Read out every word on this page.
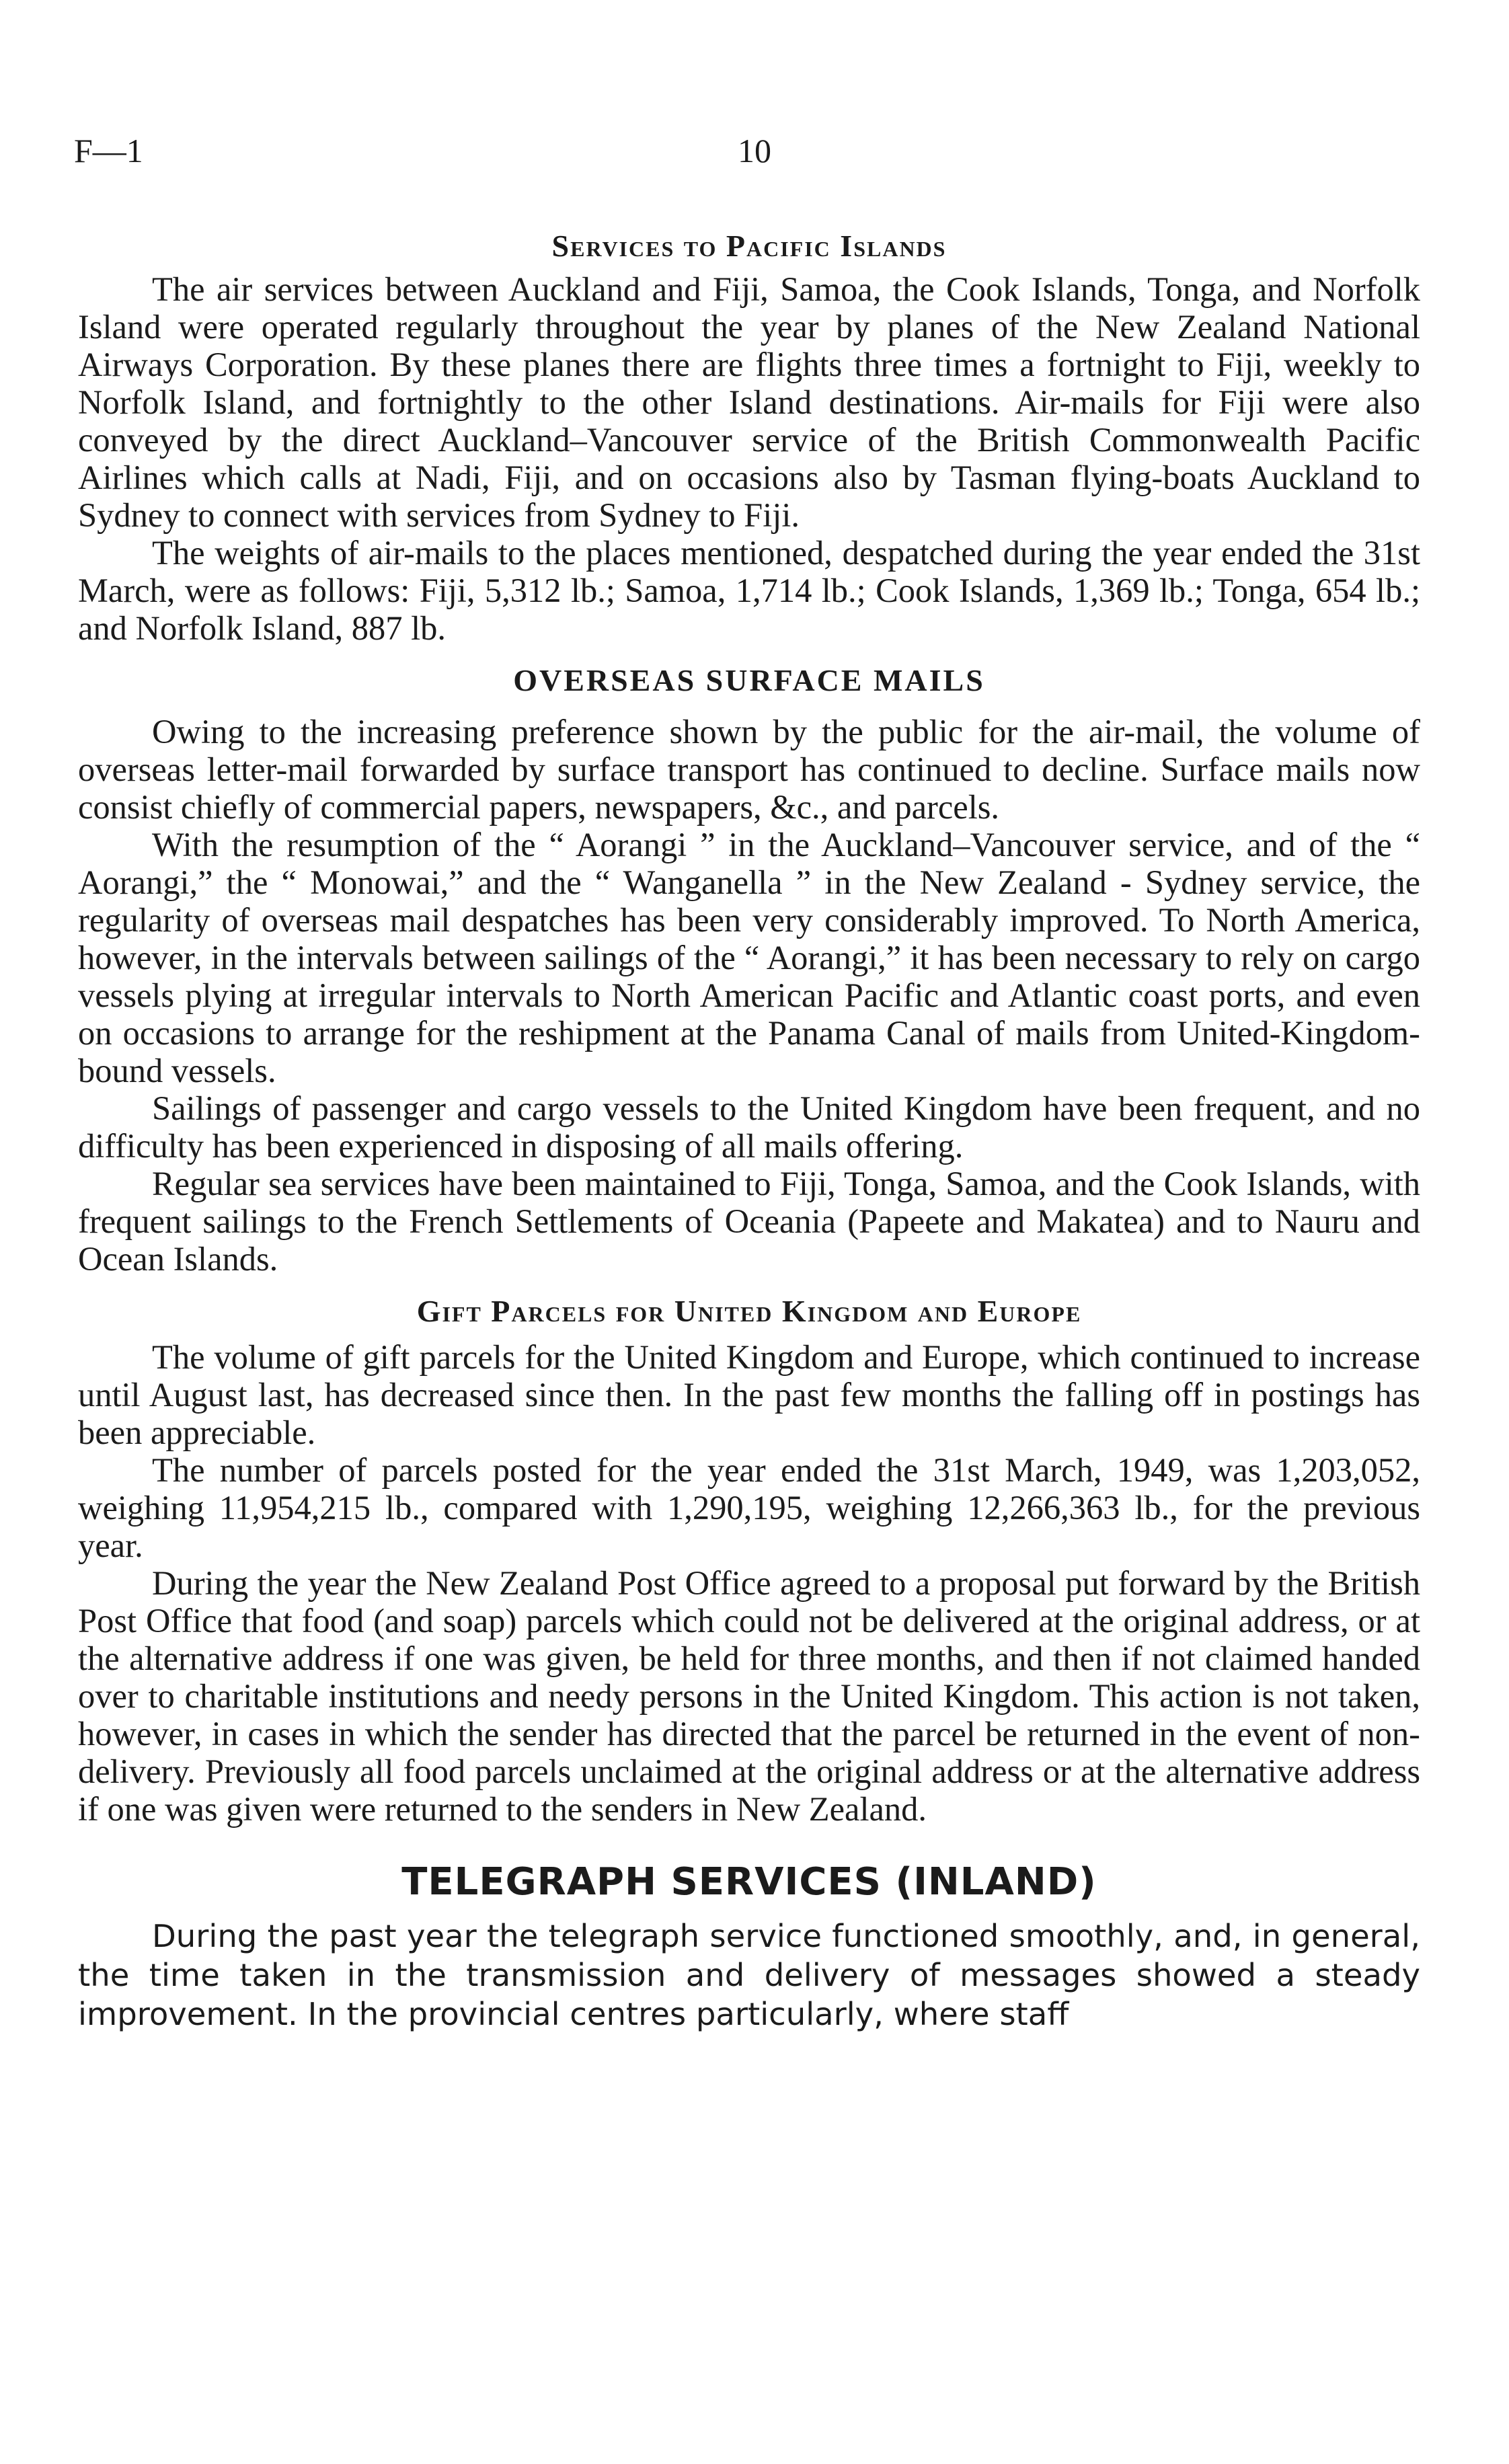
F—1	10
Services to Pacific Islands

The air services between Auckland and Fiji, Samoa, the Cook Islands, Tonga, and Norfolk Island were operated regularly throughout the year by planes of the New Zealand National Airways Corporation. By these planes there are flights three times a fortnight to Fiji, weekly to Norfolk Island, and fortnightly to the other Island destinations. Air-mails for Fiji were also conveyed by the direct Auckland–Vancouver service of the British Commonwealth Pacific Airlines which calls at Nadi, Fiji, and on occasions also by Tasman flying-boats Auckland to Sydney to connect with services from Sydney to Fiji.

The weights of air-mails to the places mentioned, despatched during the year ended the 31st March, were as follows: Fiji, 5,312 lb.; Samoa, 1,714 lb.; Cook Islands, 1,369 lb.; Tonga, 654 lb.; and Norfolk Island, 887 lb.

OVERSEAS SURFACE MAILS

Owing to the increasing preference shown by the public for the air-mail, the volume of overseas letter-mail forwarded by surface transport has continued to decline. Surface mails now consist chiefly of commercial papers, newspapers, &c., and parcels.

With the resumption of the “ Aorangi ” in the Auckland–Vancouver service, and of the “ Aorangi,” the “ Monowai,” and the “ Wanganella ” in the New Zealand - Sydney service, the regularity of overseas mail despatches has been very considerably improved. To North America, however, in the intervals between sailings of the “ Aorangi,” it has been necessary to rely on cargo vessels plying at irregular intervals to North American Pacific and Atlantic coast ports, and even on occasions to arrange for the reshipment at the Panama Canal of mails from United-Kingdom-bound vessels.

Sailings of passenger and cargo vessels to the United Kingdom have been frequent, and no difficulty has been experienced in disposing of all mails offering.

Regular sea services have been maintained to Fiji, Tonga, Samoa, and the Cook Islands, with frequent sailings to the French Settlements of Oceania (Papeete and Makatea) and to Nauru and Ocean Islands.

Gift Parcels for United Kingdom and Europe

The volume of gift parcels for the United Kingdom and Europe, which continued to increase until August last, has decreased since then. In the past few months the falling off in postings has been appreciable.

The number of parcels posted for the year ended the 31st March, 1949, was 1,203,052, weighing 11,954,215 lb., compared with 1,290,195, weighing 12,266,363 lb., for the previous year.

During the year the New Zealand Post Office agreed to a proposal put forward by the British Post Office that food (and soap) parcels which could not be delivered at the original address, or at the alternative address if one was given, be held for three months, and then if not claimed handed over to charitable institutions and needy persons in the United Kingdom. This action is not taken, however, in cases in which the sender has directed that the parcel be returned in the event of non-delivery. Previously all food parcels unclaimed at the original address or at the alternative address if one was given were returned to the senders in New Zealand.

TELEGRAPH SERVICES (INLAND)

During the past year the telegraph service functioned smoothly, and, in general, the time taken in the transmission and delivery of messages showed a steady improvement. In the provincial centres particularly, where staff
